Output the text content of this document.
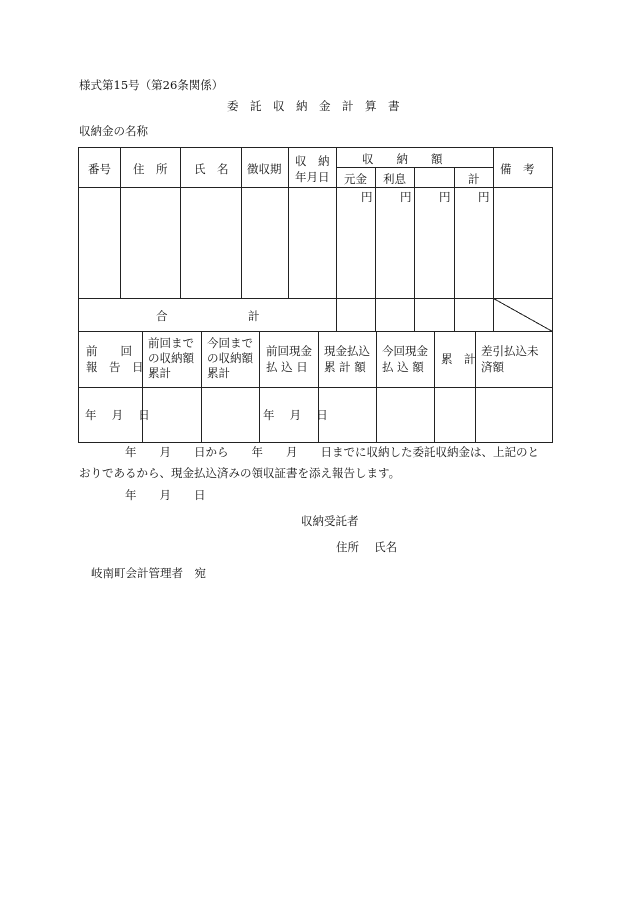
様式第15号（第26条関係）
委　託　収　納　金　計　算　書
収納金の名称
番号 住　所 氏　名 徴収期
収　納
年月日
収　　納　　額
元金 利息	計
備　考
円 円 円 円
合　　　　　　　計
前　　回
報　告　日
前回まで
の収納額
累計
今回まで
の収納額
累計
前回現金
払 込 日
現金払込
累 計 額
今回現金
払 込 額
累　計
差引払込未
済額
年　 月　 日	年　 月　 日
年　　月　　日から　　年　　月　　日までに収納した委託収納金は、上記のと
おりであるから、現金払込済みの領収証書を添え報告します。
年　　月　　日
収納受託者
住所　 氏名
岐南町会計管理者　宛
